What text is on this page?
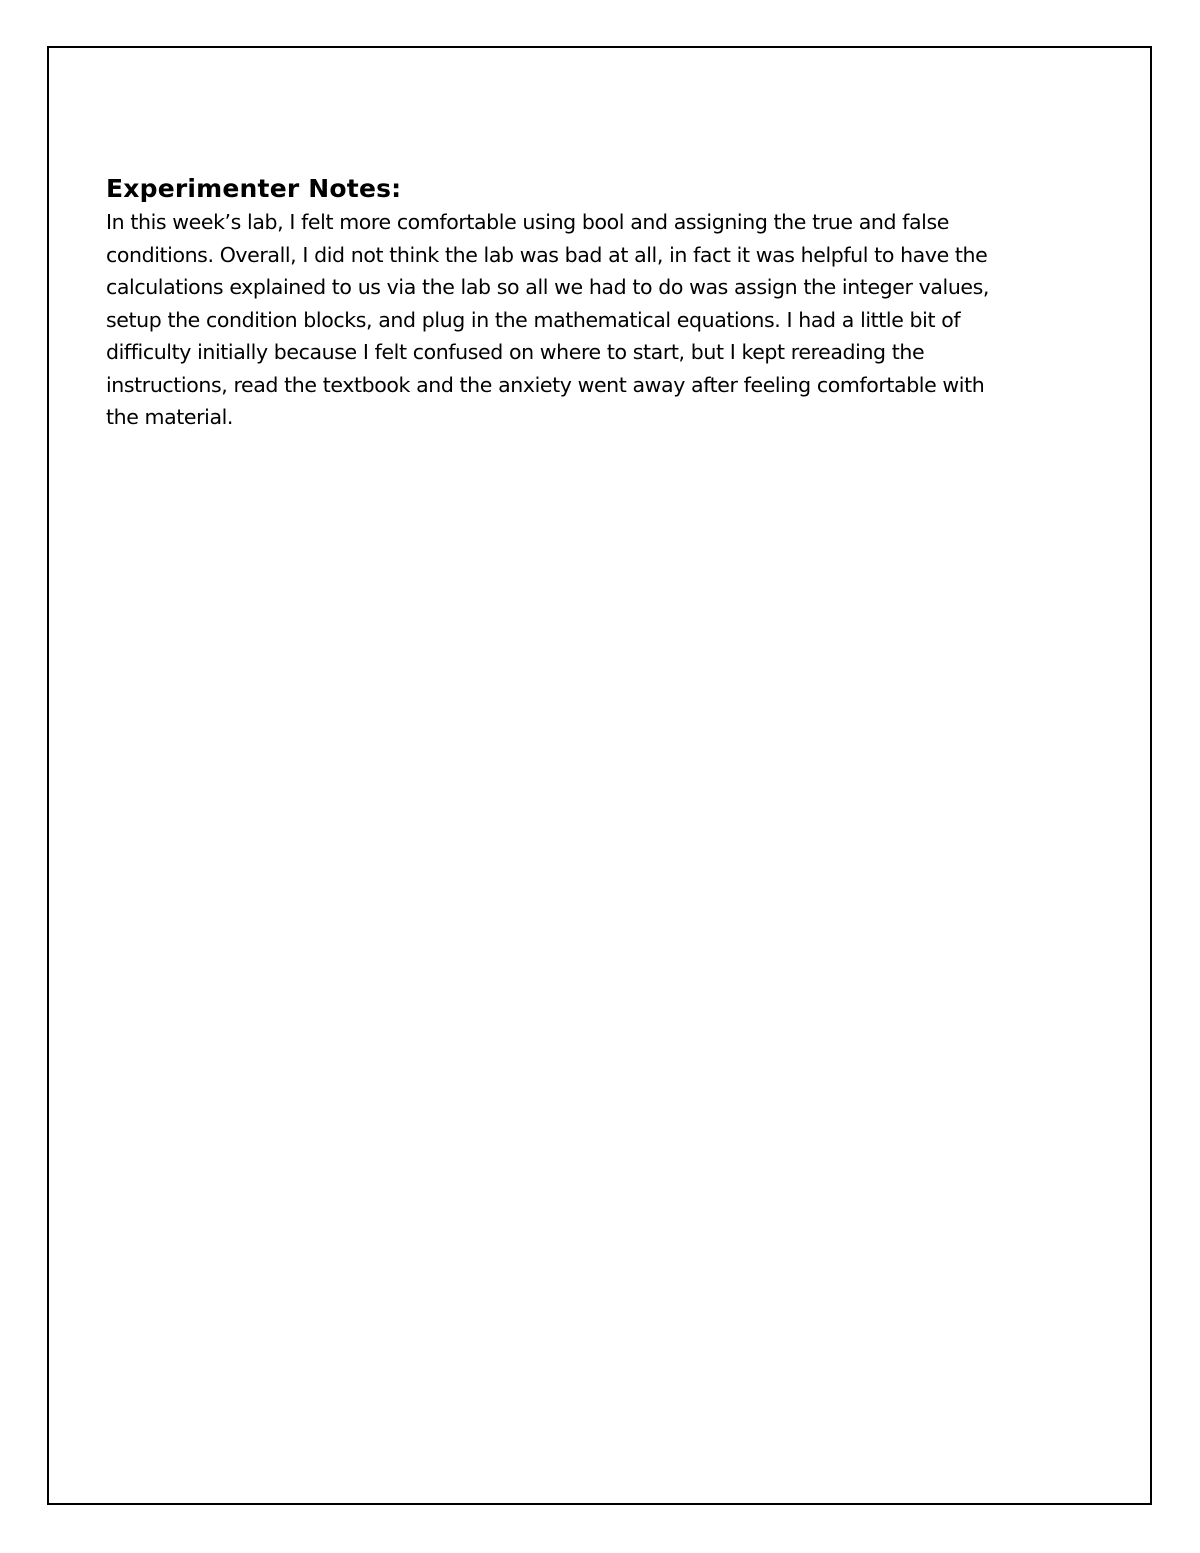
Experimenter Notes:

In this week’s lab, I felt more comfortable using bool and assigning the true and false
conditions. Overall, I did not think the lab was bad at all, in fact it was helpful to have the
calculations explained to us via the lab so all we had to do was assign the integer values,
setup the condition blocks, and plug in the mathematical equations. I had a little bit of
difficulty initially because I felt confused on where to start, but I kept rereading the
instructions, read the textbook and the anxiety went away after feeling comfortable with
the material.
